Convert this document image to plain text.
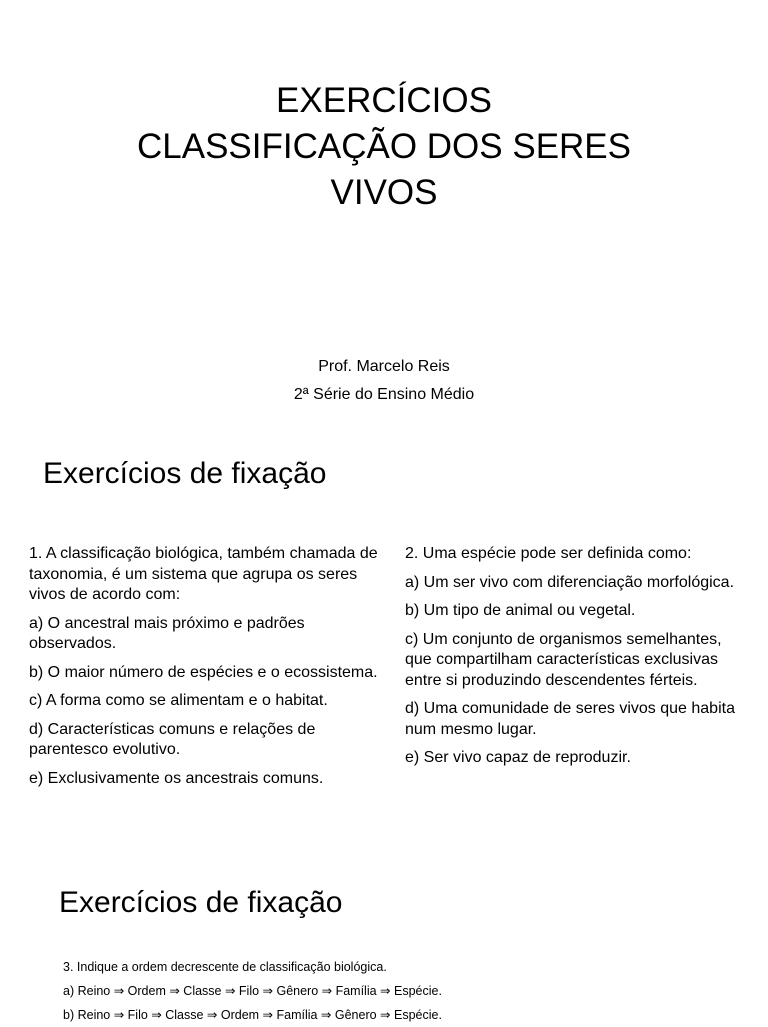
EXERCÍCIOS
CLASSIFICAÇÃO DOS SERES
VIVOS
Prof. Marcelo Reis
2ª Série do Ensino Médio
Exercícios de fixação

1. A classificação biológica, também chamada de taxonomia, é um sistema que agrupa os seres vivos de acordo com:

a) O ancestral mais próximo e padrões observados.

b) O maior número de espécies e o ecossistema.

c) A forma como se alimentam e o habitat.

d) Características comuns e relações de parentesco evolutivo.

e) Exclusivamente os ancestrais comuns.

2. Uma espécie pode ser definida como:

a) Um ser vivo com diferenciação morfológica.

b) Um tipo de animal ou vegetal.

c) Um conjunto de organismos semelhantes, que compartilham características exclusivas entre si produzindo descendentes férteis.

d) Uma comunidade de seres vivos que habita num mesmo lugar.

e) Ser vivo capaz de reproduzir.

Exercícios de fixação
3. Indique a ordem decrescente de classificação biológica.
a) Reino ⇒ Ordem ⇒ Classe ⇒ Filo ⇒ Gênero ⇒ Família ⇒ Espécie.
b) Reino ⇒ Filo ⇒ Classe ⇒ Ordem ⇒ Família ⇒ Gênero ⇒ Espécie.
